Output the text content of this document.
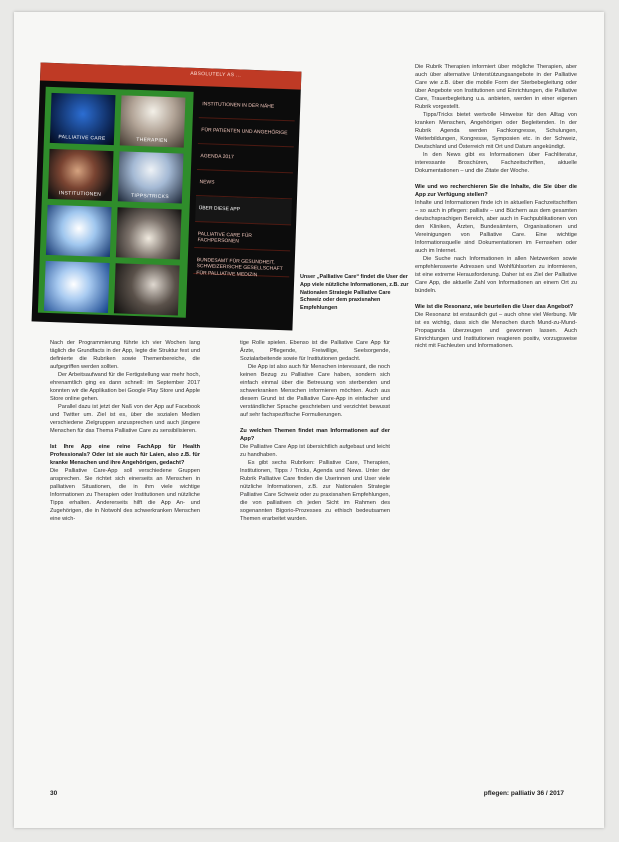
ABSOLUTELY AS ...
PALLIATIVE CARE	THERAPIEN
INSTITUTIONEN	TIPPS/TRICKS
INSTITUTIONEN IN DER NÄHE
FÜR PATIENTEN UND ANGEHÖRIGE
AGENDA 2017
NEWS
ÜBER DIESE APP
PALLIATIVE CARE FÜR FACHPERSONEN
BUNDESAMT FÜR GESUNDHEIT, SCHWEIZERISCHE GESELLSCHAFT FÜR PALLIATIVE MEDIZIN	Unser „Palliative Care“ findet die User der App viele nützliche Informationen, z.B. zur Nationalen Strategie Palliative Care Schweiz oder dem praxisnahen Empfehlungen

Nach der Programmierung führte ich vier Wochen lang täglich die Grundfacts in der App, legte die Struktur fest und definierte die Rubriken sowie Themenbereiche, die aufgegriffen werden sollten.

Der Arbeitsaufwand für die Fertigstellung war mehr hoch, ehrenamtlich ging es dann schnell: im September 2017 konnten wir die Applikation bei Google Play Store und Apple Store online gehen.

Parallel dazu ist jetzt der Naß von der App auf Facebook und Twitter um. Ziel ist es, über die sozialen Medien verschiedene Zielgruppen anzusprechen und auch jüngere Menschen für das Thema Palliative Care zu sensibilisieren.

Ist Ihre App eine reine FachApp für Health Professionals? Oder ist sie auch für Laien, also z.B. für kranke Menschen und ihre Angehörigen, gedacht?

Die Palliative Care-App soll verschiedene Gruppen ansprechen. Sie richtet sich einerseits an Menschen in palliativen Situationen, die in ihm viele wichtige Informationen zu Therapien oder Institutionen und nützliche Tipps erhalten. Andererseits hilft die App An- und Zugehörigen, die in Notwohl des schwerkranken Menschen eine wich-

tige Rolle spielen. Ebenso ist die Palliative Care App für Ärzte, Pflegende, Freiwillige, Seelsorgende, Sozialarbeitende sowie für Institutionen gedacht.

Die App ist also auch für Menschen interessant, die noch keinen Bezug zu Palliative Care haben, sondern sich einfach einmal über die Betreuung von sterbenden und schwerkranken Menschen informieren möchten. Auch aus diesem Grund ist die Palliative Care-App in einfacher und verständlicher Sprache geschrieben und verzichtet bewusst auf sehr fachspezifische Formulierungen.

Zu welchen Themen findet man Informationen auf der App?

Die Palliative Care App ist übersichtlich aufgebaut und leicht zu handhaben.

Es gibt sechs Rubriken: Palliative Care, Therapien, Institutionen, Tipps / Tricks, Agenda und News. Unter der Rubrik Palliative Care finden die Userinnen und User viele nützliche Informationen, z.B. zur Nationalen Strategie Palliative Care Schweiz oder zu praxisnahen Empfehlungen, die von palliativen ch jeden Sicht im Rahmen des sogenannten Bigorio-Prozesses zu ethisch bedeutsamen Themen erarbeitet wurden.

Die Rubrik Therapien informiert über mögliche Therapien, aber auch über alternative Unterstützungsangebote in der Palliative Care wie z.B. über die mobile Form der Sterbebegleitung oder über Angebote von Institutionen und Einrichtungen, die Palliative Care, Trauerbegleitung u.a. anbieten, werden in einer eigenen Rubrik vorgestellt.

Tipps/Tricks bietet wertvolle Hinweise für den Alltag von kranken Menschen, Angehörigen oder Begleitenden. In der Rubrik Agenda werden Fachkongresse, Schulungen, Weiterbildungen, Kongresse, Symposien etc. in der Schweiz, Deutschland und Österreich mit Ort und Datum angekündigt.

In den News gibt es Informationen über Fachliteratur, interessante Broschüren, Fachzeitschriften, aktuelle Dokumentationen – und die Zitate der Woche.

Wie und wo recherchieren Sie die Inhalte, die Sie über die App zur Verfügung stellen?

Inhalte und Informationen finde ich in aktuellen Fachzeitschriften – so auch in pflegen: palliativ – und Büchern aus dem gesamten deutschsprachigen Bereich, aber auch in Fachpublikationen von den Kliniken, Ärzten, Bundesämtern, Organisationen und Vereinigungen von Palliative Care. Eine wichtige Informationsquelle sind Dokumentationen im Fernsehen oder auch im Internet.

Die Suche nach Informationen in allen Netzwerken sowie empfehlenswerte Adressen und Wohlfühlsorten zu informieren, ist eine extreme Herausforderung. Daher ist es Ziel der Palliative Care App, die aktuelle Zahl von Informationen an einem Ort zu bündeln.

Wie ist die Resonanz, wie beurteilen die User das Angebot?

Die Resonanz ist erstaunlich gut – auch ohne viel Werbung. Mir ist es wichtig, dass sich die Menschen durch Mund-zu-Mund-Propaganda überzeugen und gewonnen lassen. Auch Einrichtungen und Institutionen reagieren positiv, vorzugsweise nicht mit Fachleuten und Informationen.

30	pflegen: palliativ 36 / 2017
